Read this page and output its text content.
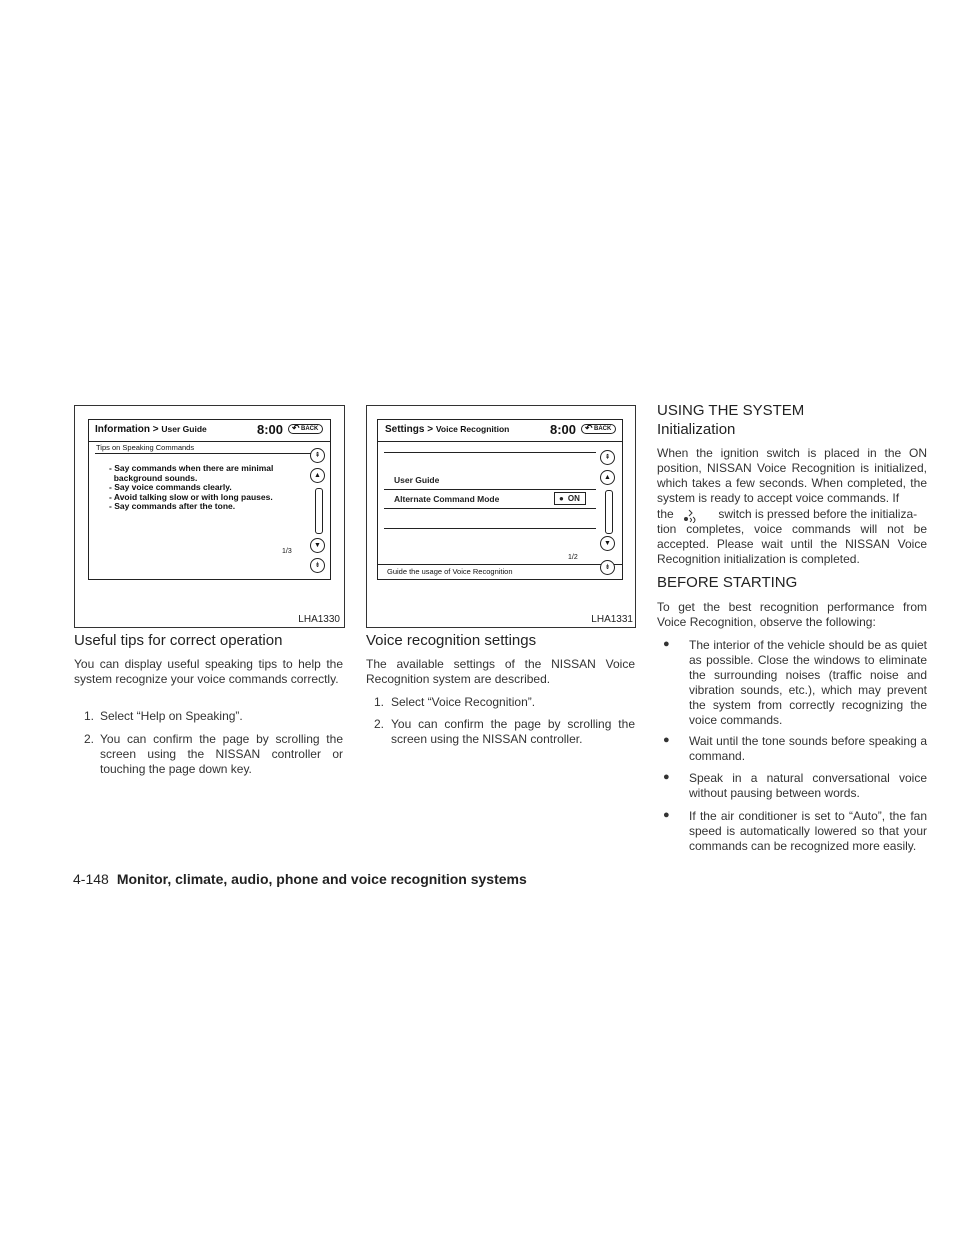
Information > User Guide	8:00	↶ BACK
Tips on Speaking Commands
- Say commands when there are minimal
background sounds.
- Say voice commands clearly.
- Avoid talking slow or with long pauses.
- Say commands after the tone.
1/3
⇞
▲
▼
⇟
LHA1330
Settings > Voice Recognition	8:00	↶ BACK
User Guide
Alternate Command Mode	● ON
1/2
Guide the usage of Voice Recognition
⇞
▲
▼
⇟
LHA1331
Useful tips for correct operation
You can display useful speaking tips to help the system recognize your voice commands correctly.
1. Select “Help on Speaking”.
2. You can confirm the page by scrolling the screen using the NISSAN controller or touching the page down key.
Voice recognition settings
The available settings of the NISSAN Voice Recognition system are described.
1. Select “Voice Recognition”.
2. You can confirm the page by scrolling the screen using the NISSAN controller.
USING THE SYSTEM
Initialization
When the ignition switch is placed in the ON position, NISSAN Voice Recognition is initialized, which takes a few seconds. When completed, the system is ready to accept voice commands. If
the	switch is pressed before the initializa-
tion completes, voice commands will not be accepted. Please wait until the NISSAN Voice Recognition initialization is completed.
BEFORE STARTING
To get the best recognition performance from Voice Recognition, observe the following:
● The interior of the vehicle should be as quiet as possible. Close the windows to eliminate the surrounding noises (traffic noise and vibration sounds, etc.), which may prevent the system from correctly recognizing the voice commands.
● Wait until the tone sounds before speaking a command.
● Speak in a natural conversational voice without pausing between words.
● If the air conditioner is set to “Auto”, the fan speed is automatically lowered so that your commands can be recognized more easily.
4-148 Monitor, climate, audio, phone and voice recognition systems
